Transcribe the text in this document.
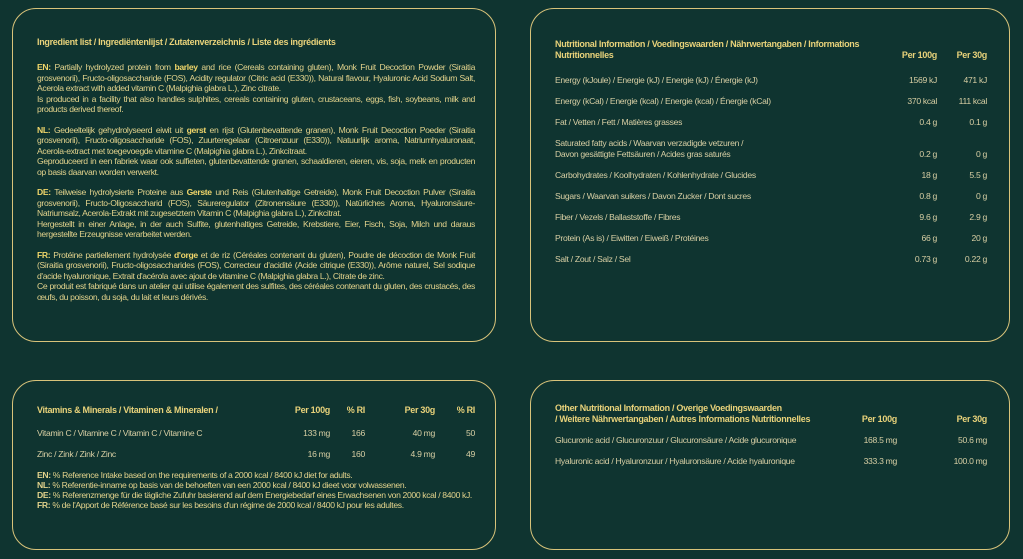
Ingredient list / Ingrediëntenlijst / Zutatenverzeichnis / Liste des ingrédients
EN: Partially hydrolyzed protein from barley and rice (Cereals containing gluten), Monk Fruit Decoction Powder (Siraitia grosvenorii), Fructo-oligosaccharide (FOS), Acidity regulator (Citric acid (E330)), Natural flavour, Hyaluronic Acid Sodium Salt, Acerola extract with added vitamin C (Malpighia glabra L.), Zinc citrate.
Is produced in a facility that also handles sulphites, cereals containing gluten, crustaceans, eggs, fish, soybeans, milk and products derived thereof.
NL: Gedeeltelijk gehydrolyseerd eiwit uit gerst en rijst (Glutenbevattende granen), Monk Fruit Decoction Poeder (Siraitia grosvenorii), Fructo-oligosaccharide (FOS), Zuurteregelaar (Citroenzuur (E330)), Natuurlijk aroma, Natriumhyaluronaat, Acerola-extract met toegevoegde vitamine C (Malpighia glabra L.), Zinkcitraat.
Geproduceerd in een fabriek waar ook sulfieten, glutenbevattende granen, schaaldieren, eieren, vis, soja, melk en producten op basis daarvan worden verwerkt.
DE: Teilweise hydrolysierte Proteine aus Gerste und Reis (Glutenhaltige Getreide), Monk Fruit Decoction Pulver (Siraitia grosvenorii), Fructo-Oligosaccharid (FOS), Säureregulator (Zitronensäure (E330)), Natürliches Aroma, Hyaluronsäure-Natriumsalz, Acerola-Extrakt mit zugesetztem Vitamin C (Malpighia glabra L.), Zinkcitrat.
Hergestellt in einer Anlage, in der auch Sulfite, glutenhaltiges Getreide, Krebstiere, Eier, Fisch, Soja, Milch und daraus hergestellte Erzeugnisse verarbeitet werden.
FR: Protéine partiellement hydrolysée d'orge et de riz (Céréales contenant du gluten), Poudre de décoction de Monk Fruit (Siraitia grosvenorii), Fructo-oligosaccharides (FOS), Correcteur d'acidité (Acide citrique (E330)), Arôme naturel, Sel sodique d'acide hyaluronique, Extrait d'acérola avec ajout de vitamine C (Malpighia glabra L.), Citrate de zinc.
Ce produit est fabriqué dans un atelier qui utilise également des sulfites, des céréales contenant du gluten, des crustacés, des œufs, du poisson, du soja, du lait et leurs dérivés.
Nutritional Information / Voedingswaarden / Nährwertangaben / Informations Nutritionnelles	Per 100g	Per 30g
Energy (kJoule) / Energie (kJ) / Energie (kJ) / Énergie (kJ)	1569 kJ	471 kJ
Energy (kCal) / Energie (kcal) / Energie (kcal) / Énergie (kCal)	370 kcal	111 kcal
Fat / Vetten / Fett / Matières grasses	0.4 g	0.1 g
Saturated fatty acids / Waarvan verzadigde vetzuren /
Davon gesättigte Fettsäuren / Acides gras saturés	0.2 g	0 g
Carbohydrates / Koolhydraten / Kohlenhydrate / Glucides	18 g	5.5 g
Sugars / Waarvan suikers / Davon Zucker / Dont sucres	0.8 g	0 g
Fiber / Vezels / Ballaststoffe / Fibres	9.6 g	2.9 g
Protein (As is) / Eiwitten / Eiweiß / Protéines	66 g	20 g
Salt / Zout / Salz / Sel	0.73 g	0.22 g
Vitamins & Minerals / Vitaminen & Mineralen /	Per 100g	% RI	Per 30g	% RI
Vitamin C / Vitamine C / Vitamin C / Vitamine C	133 mg	166	40 mg	50
Zinc / Zink / Zink / Zinc	16 mg	160	4.9 mg	49
EN: % Reference Intake based on the requirements of a 2000 kcal / 8400 kJ diet for adults.
NL: % Referentie-inname op basis van de behoeften van een 2000 kcal / 8400 kJ dieet voor volwassenen.
DE: % Referenzmenge für die tägliche Zufuhr basierend auf dem Energiebedarf eines Erwachsenen von 2000 kcal / 8400 kJ.
FR: % de l'Apport de Référence basé sur les besoins d'un régime de 2000 kcal / 8400 kJ pour les adultes.
Other Nutritional Information / Overige Voedingswaarden
/ Weitere Nährwertangaben / Autres Informations Nutritionnelles	Per 100g	Per 30g
Glucuronic acid / Glucuronzuur / Glucuronsäure / Acide glucuronique	168.5 mg	50.6 mg
Hyaluronic acid / Hyaluronzuur / Hyaluronsäure / Acide hyaluronique	333.3 mg	100.0 mg
